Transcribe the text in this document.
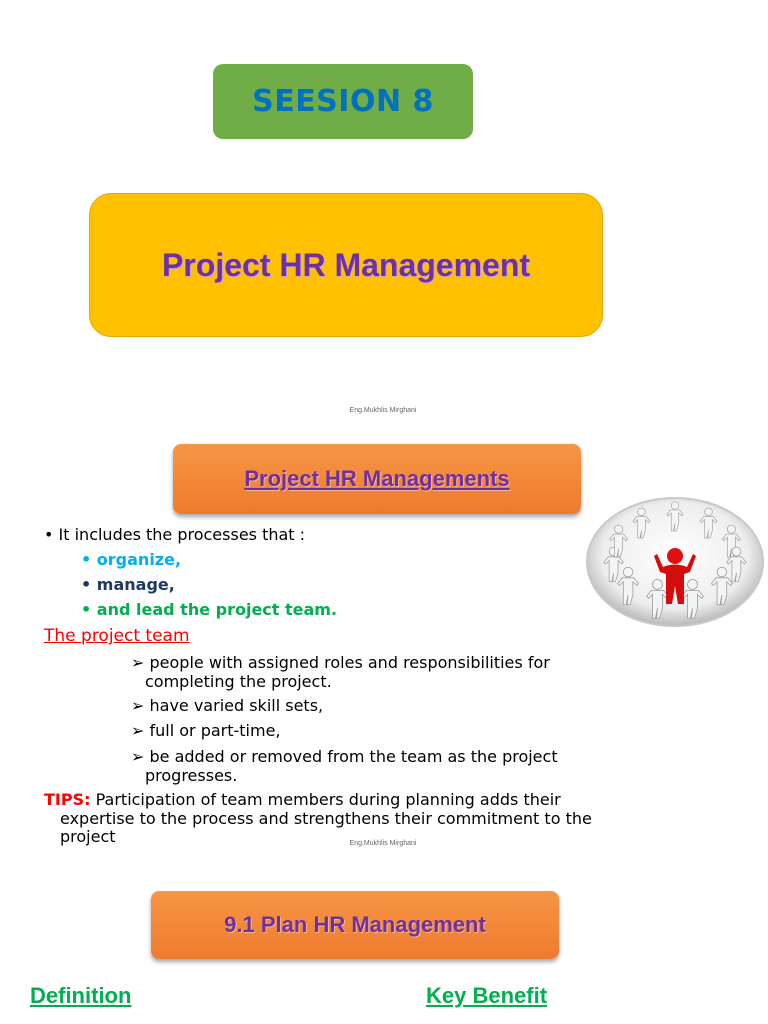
SEESION 8
Project HR Management
Eng.Mukhlis Mirghani
Project HR Managements
• It includes the processes that :
• organize,
• manage,
• and lead the project team.
The project team
➢ people with assigned roles and responsibilities for
completing the project.
➢ have varied skill sets,
➢ full or part-time,
➢ be added or removed from the team as the project
progresses.
TIPS: Participation of team members during planning adds their
expertise to the process and strengthens their commitment to the
project	Eng.Mukhlis Mirghani
9.1 Plan HR Management
Definition	Key Benefit
